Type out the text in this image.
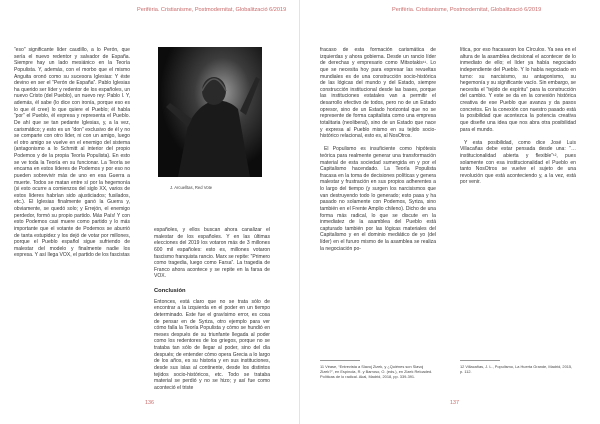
Perifèria. Cristianisme, Postmodernitat, Globalització 6/2019

“eso” significante líder caudillo, a lo Perón, que sería el nuevo redentor y salvador de España. Siempre hay un lado mesiánico en la Teoría Populista. Y, además, con el morbo que el mismo Anguita oronó como su sucesora Iglesias: Y éste devino en ser el “Perón de España”. Pablo Iglesias ha querido ser líder y redentor de los españoles, un nuevo Cristo (del Pueblo), un nuevo rey: Pablo I. Y, además, él sabe (lo dice con ironía, porque eso es lo que él cree) lo que quiere el Pueblo; él habla “por” el Pueblo, él expresa y representa el Pueblo. De ahí que se tan pedante Iglesias, y, a la vez, carismático; y esto es un “don” exclusivo de él y no se comparte con otro líder, ni con un amigo, luego el otro amigo se vuelve en el enemigo del sistema (antagonismo a lo Schmitt al interior del propio Podemos y de la propia Teoría Populista). En esto se ve toda la Teoría en su funcionar. La Teoría se encarna en estos líderes de Podemos y por eso no pueden sobrevivir más de uno en esa Guerra a muerte. Todos se matan entre sí por la hegemonía (si esto ocurre a comienzos del siglo XX, varios de estos líderes habrían sido ajusticiados; fusilados, etc.). El Iglesias finalmente ganó la Guerra y, obviamente, se quedó solo; y Errejón, el enemigo perdedor, formó su propio partido. Más País! Y con esto Podemos casi muere como partido y lo más importante que el votante de Podemos se aburrió de tanta estupidez y los dejó de votar por millones, porque el Pueblo español sigue sufriendo de malestar del modelo y finalmente nadie los expresa. Y así llega VOX, el partido de los fascistas

J. Arcuelltas, Red Vote

españoles, y ellos buscan ahora canalizar el malestar de los españoles. Y en las últimas elecciones del 2019 los votaron más de 3 millones 600 mil españoles: esto es, millones votaron fascismo franquista rancio. Marx se repite: “Primero como tragedia, luego como Farsa”. La tragedia de Franco ahora acontece y se repite en la farsa de VOX.

Conclusión

Entonces, está claro que no se trata sólo de encontrar a la izquierda en el poder en un tiempo determinado. Este fue el gravísimo error, es cosa de pensar en de Syriza, otro ejemplo para ver cómo falla la Teoría Populista y cómo se hundió en meses después de su triunfante llegada al poder como los redentores de los griegos, porque no se trataba tan sólo de llegar al poder, sino del día después; de entender cómo opera Grecia a lo largo de los años, es su historia y en sus instituciones, desde sus islas al continente, desde los distintos tejidos socio-históricos, etc. Todo se trataba material se perdió y no se hizo; y así fue como aconteció el triste

136
Perifèria. Cristianisme, Postmodernitat, Globalització 6/2019

fracaso de esta formación carismática de izquierdas y ahora gobierna. Desde un rancio líder de derechas y empresario como Mitsotakis¹¹. Lo que se necesita hoy para expresar las revueltas mundiales es de una construcción socio-histórica de las lógicas del mundo y del Estado, siempre construcción institucional desde las bases, porque las instituciones estatales van a permitir el desarrollo efectivo de todos, pero no de un Estado opresor, sino de un Estado horizontal que no se represente de forma capitalista como una empresa totalitaria (neoliberal), sino de un Estado que nace y expresa al Pueblo mismo en su tejido socio-histórico relacional, esto es, al NosOtros.

El Populismo es insuficiente como hipótesis teórica para realmente generar una transformación material de esta sociedad sumergida en y por el Capitalismo hacendado. La Teoría Populista fracasa en la toma de decisiones políticas y genera malestar y frustración en sus propios adherentes a lo largo del tiempo (y surgen los narcisismos que van destruyendo todo lo generado; esto pasa y ha pasado no solamente con Podemos, Syriza, sino también en el Frente Amplio chileno). Dicho de una forma más radical, lo que se discute en la inmediatez de la asamblea del Pueblo está capturado también por las lógicas materiales del Capitalismo y en el dominio mediático de yo (del líder) en el fururo mismo de la asamblea se realiza la negociación po-

lítica, por eso fracasaron los Círculos. Ya sea en el altura de la asamblea decisional el acontecer de lo inmediato de ello; el líder ya había negociado independiente del Pueblo. Y lo había negociado en turno: su narcisismo, su antagonismo, su hegemonía y su significante vacío. Sin embargo, se necesita el “tejido de espíritu” para la construcción del cambio. Y este se da en la conexión histórica creativa de ese Pueblo que avanza y da pasos concretos. En la conexión con nuestro pasado está la posibilidad que acontezca la potencia creativa que diseñe una idea que nos abra otra posibilidad para el mundo.

Y esta posibilidad, como dice José Luis Villacañas debe estar pensada desde una: “… institucionalidad abierta y flexible”¹², pues solamente con esa institucionalidad el Pueblo en tanto NosOtros se vuelve el sujeto de una revolución que está aconteciendo y, a la vez, está por venir.

11 Véase, “Entrevista a Slavoj Zizek, y ¿Quiénes son Slavoj Zizek?”, en Espínola, R. y Barroso, O. (eds.), en Zizek Reloaded. Políticas de lo radical. Akal, Madrid, 2018, pp. 339-391.
12 Villacañas, J. L., Populismo, La Huerta Grande, Madrid, 2015, p. 112.
137
